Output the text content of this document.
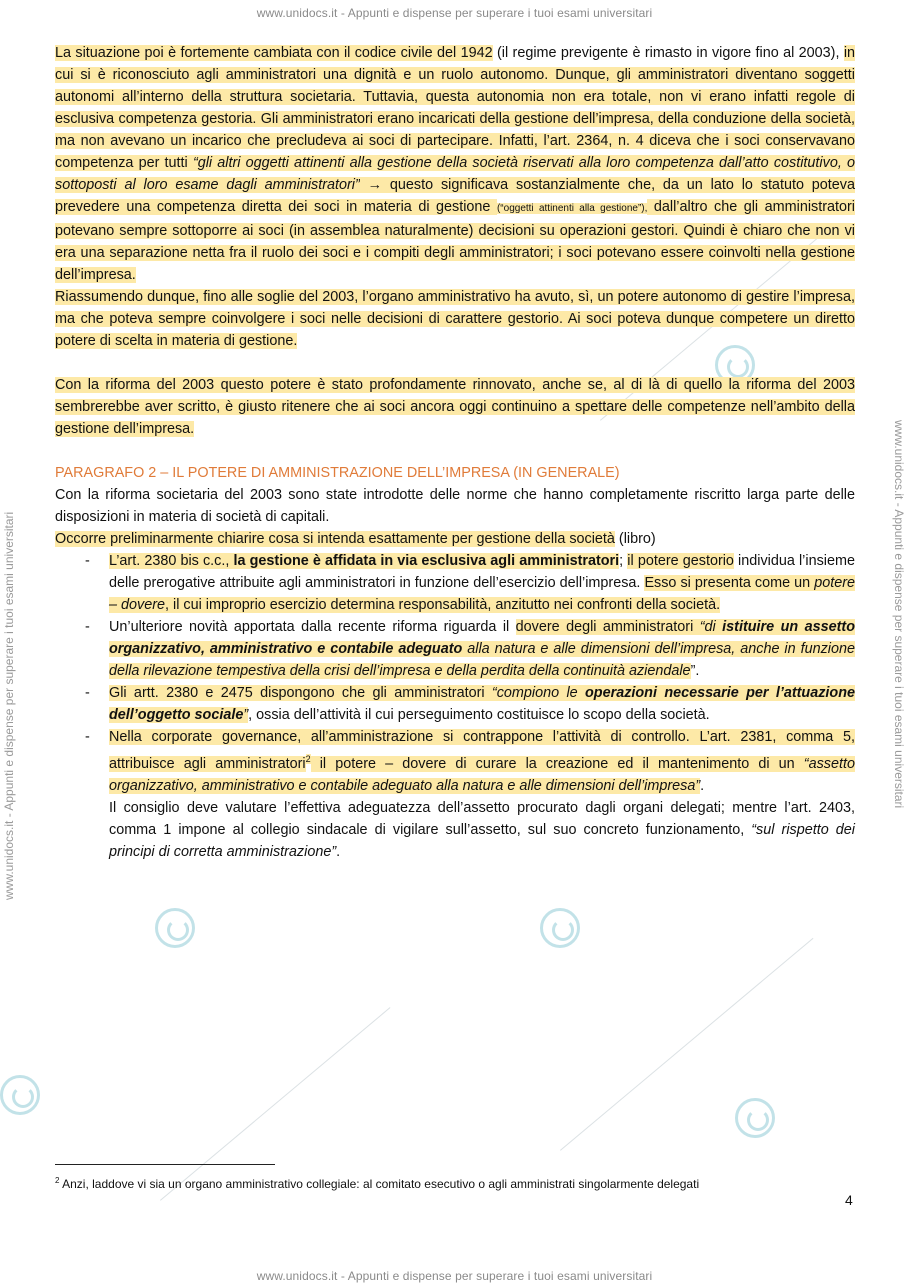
www.unidocs.it - Appunti e dispense per superare i tuoi esami universitari
www.unidocs.it - Appunti e dispense per superare i tuoi esami universitari
www.unidocs.it - Appunti e dispense per superare i tuoi esami universitari	www.unidocs.it - Appunti e dispense per superare i tuoi esami universitari

La situazione poi è fortemente cambiata con il codice civile del 1942 (il regime previgente è rimasto in vigore fino al 2003), in cui si è riconosciuto agli amministratori una dignità e un ruolo autonomo. Dunque, gli amministratori diventano soggetti autonomi all’interno della struttura societaria. Tuttavia, questa autonomia non era totale, non vi erano infatti regole di esclusiva competenza gestoria. Gli amministratori erano incaricati della gestione dell’impresa, della conduzione della società, ma non avevano un incarico che precludeva ai soci di partecipare. Infatti, l’art. 2364, n. 4 diceva che i soci conservavano competenza per tutti “gli altri oggetti attinenti alla gestione della società riservati alla loro competenza dall’atto costitutivo, o sottoposti al loro esame dagli amministratori” → questo significava sostanzialmente che, da un lato lo statuto poteva prevedere una competenza diretta dei soci in materia di gestione (“oggetti attinenti alla gestione”), dall’altro che gli amministratori potevano sempre sottoporre ai soci (in assemblea naturalmente) decisioni su operazioni gestori. Quindi è chiaro che non vi era una separazione netta fra il ruolo dei soci e i compiti degli amministratori; i soci potevano essere coinvolti nella gestione dell’impresa.

Riassumendo dunque, fino alle soglie del 2003, l’organo amministrativo ha avuto, sì, un potere autonomo di gestire l’impresa, ma che poteva sempre coinvolgere i soci nelle decisioni di carattere gestorio. Ai soci poteva dunque competere un diretto potere di scelta in materia di gestione.

Con la riforma del 2003 questo potere è stato profondamente rinnovato, anche se, al di là di quello la riforma del 2003 sembrerebbe aver scritto, è giusto ritenere che ai soci ancora oggi continuino a spettare delle competenze nell’ambito della gestione dell’impresa.

PARAGRAFO 2 – IL POTERE DI AMMINISTRAZIONE DELL’IMPRESA (IN GENERALE)

Con la riforma societaria del 2003 sono state introdotte delle norme che hanno completamente riscritto larga parte delle disposizioni in materia di società di capitali.

Occorre preliminarmente chiarire cosa si intenda esattamente per gestione della società (libro)

- L’art. 2380 bis c.c., la gestione è affidata in via esclusiva agli amministratori; il potere gestorio individua l’insieme delle prerogative attribuite agli amministratori in funzione dell’esercizio dell’impresa. Esso si presenta come un potere – dovere, il cui improprio esercizio determina responsabilità, anzitutto nei confronti della società.
- Un’ulteriore novità apportata dalla recente riforma riguarda il dovere degli amministratori “di istituire un assetto organizzativo, amministrativo e contabile adeguato alla natura e alle dimensioni dell’impresa, anche in funzione della rilevazione tempestiva della crisi dell’impresa e della perdita della continuità aziendale”.
- Gli artt. 2380 e 2475 dispongono che gli amministratori “compiono le operazioni necessarie per l’attuazione dell’oggetto sociale”, ossia dell’attività il cui perseguimento costituisce lo scopo della società.
- Nella corporate governance, all’amministrazione si contrappone l’attività di controllo. L’art. 2381, comma 5, attribuisce agli amministratori$^2$ il potere – dovere di curare la creazione ed il mantenimento di un “assetto organizzativo, amministrativo e contabile adeguato alla natura e alle dimensioni dell’impresa”.

Il consiglio deve valutare l’effettiva adeguatezza dell’assetto procurato dagli organi delegati; mentre l’art. 2403, comma 1 impone al collegio sindacale di vigilare sull’assetto, sul suo concreto funzionamento, “sul rispetto dei principi di corretta amministrazione”.

$^2$ Anzi, laddove vi sia un organo amministrativo collegiale: al comitato esecutivo o agli amministrati singolarmente delegati
4
